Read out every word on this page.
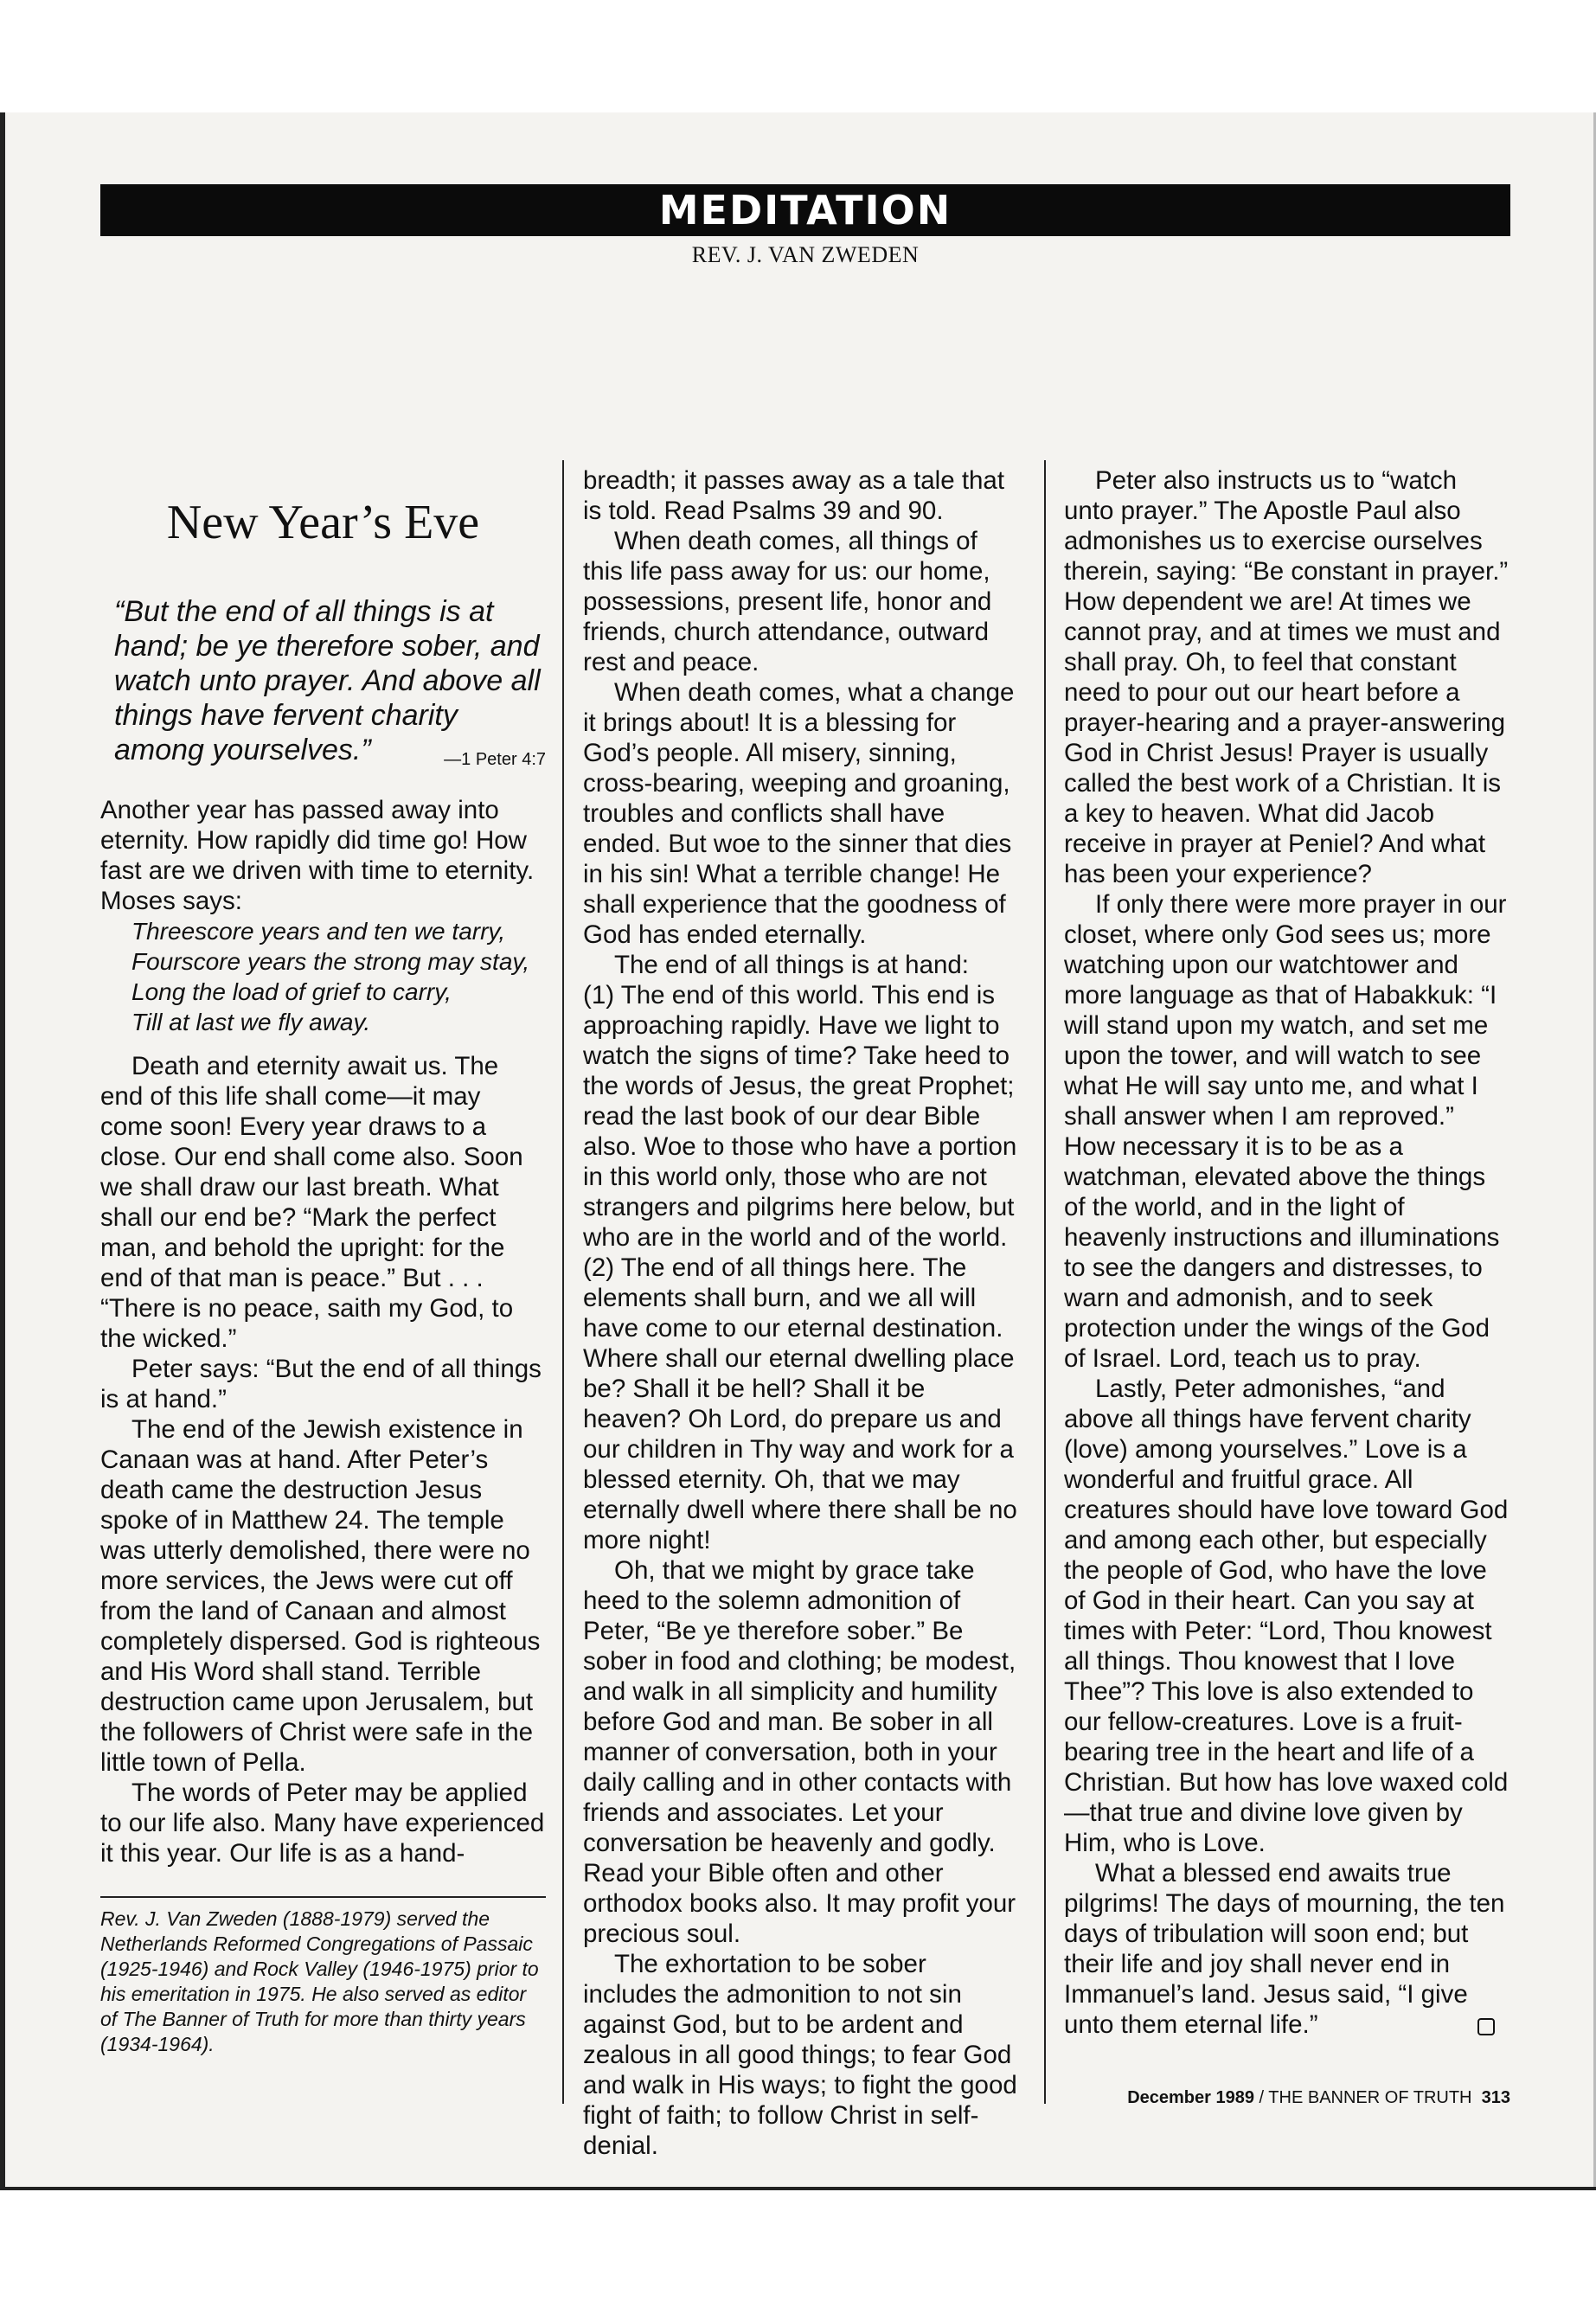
MEDITATION
REV. J. VAN ZWEDEN
New Year’s Eve
“But the end of all things is at hand; be ye therefore sober, and watch unto prayer. And above all things have fervent charity among yourselves.”	—1 Peter 4:7

Another year has passed away into eternity. How rapidly did time go! How fast are we driven with time to eternity. Moses says:

Threescore years and ten we tarry,
Fourscore years the strong may stay,
Long the load of grief to carry,
Till at last we fly away.

Death and eternity await us. The end of this life shall come—it may come soon! Every year draws to a close. Our end shall come also. Soon we shall draw our last breath. What shall our end be? “Mark the perfect man, and behold the upright: for the end of that man is peace.” But . . . “There is no peace, saith my God, to the wicked.”

Peter says: “But the end of all things is at hand.”

The end of the Jewish existence in Canaan was at hand. After Peter’s death came the destruction Jesus spoke of in Matthew 24. The temple was utterly demolished, there were no more services, the Jews were cut off from the land of Canaan and almost completely dispersed. God is righteous and His Word shall stand. Terrible destruction came upon Jerusalem, but the followers of Christ were safe in the little town of Pella.

The words of Peter may be applied to our life also. Many have experienced it this year. Our life is as a hand-

Rev. J. Van Zweden (1888-1979) served the Netherlands Reformed Congregations of Passaic (1925-1946) and Rock Valley (1946-1975) prior to his emeritation in 1975. He also served as editor of The Banner of Truth for more than thirty years (1934-1964).

breadth; it passes away as a tale that is told. Read Psalms 39 and 90.

When death comes, all things of this life pass away for us: our home, possessions, present life, honor and friends, church attendance, outward rest and peace.

When death comes, what a change it brings about! It is a blessing for God’s people. All misery, sinning, cross-bearing, weeping and groaning, troubles and conflicts shall have ended. But woe to the sinner that dies in his sin! What a terrible change! He shall experience that the goodness of God has ended eternally.

The end of all things is at hand:

(1) The end of this world. This end is approaching rapidly. Have we light to watch the signs of time? Take heed to the words of Jesus, the great Prophet; read the last book of our dear Bible also. Woe to those who have a portion in this world only, those who are not strangers and pilgrims here below, but who are in the world and of the world.

(2) The end of all things here. The elements shall burn, and we all will have come to our eternal destination. Where shall our eternal dwelling place be? Shall it be hell? Shall it be heaven? Oh Lord, do prepare us and our children in Thy way and work for a blessed eternity. Oh, that we may eternally dwell where there shall be no more night!

Oh, that we might by grace take heed to the solemn admonition of Peter, “Be ye therefore sober.” Be sober in food and clothing; be modest, and walk in all simplicity and humility before God and man. Be sober in all manner of conversation, both in your daily calling and in other contacts with friends and associates. Let your conversation be heavenly and godly. Read your Bible often and other orthodox books also. It may profit your precious soul.

The exhortation to be sober includes the admonition to not sin against God, but to be ardent and zealous in all good things; to fear God and walk in His ways; to fight the good fight of faith; to follow Christ in self-denial.

Peter also instructs us to “watch unto prayer.” The Apostle Paul also admonishes us to exercise ourselves therein, saying: “Be constant in prayer.” How dependent we are! At times we cannot pray, and at times we must and shall pray. Oh, to feel that constant need to pour out our heart before a prayer-hearing and a prayer-answering God in Christ Jesus! Prayer is usually called the best work of a Christian. It is a key to heaven. What did Jacob receive in prayer at Peniel? And what has been your experience?

If only there were more prayer in our closet, where only God sees us; more watching upon our watchtower and more language as that of Habakkuk: “I will stand upon my watch, and set me upon the tower, and will watch to see what He will say unto me, and what I shall answer when I am reproved.” How necessary it is to be as a watchman, elevated above the things of the world, and in the light of heavenly instructions and illuminations to see the dangers and distresses, to warn and admonish, and to seek protection under the wings of the God of Israel. Lord, teach us to pray.

Lastly, Peter admonishes, “and above all things have fervent charity (love) among yourselves.” Love is a wonderful and fruitful grace. All creatures should have love toward God and among each other, but especially the people of God, who have the love of God in their heart. Can you say at times with Peter: “Lord, Thou knowest all things. Thou knowest that I love Thee”? This love is also extended to our fellow-creatures. Love is a fruit-bearing tree in the heart and life of a Christian. But how has love waxed cold—that true and divine love given by Him, who is Love.

What a blessed end awaits true pilgrims! The days of mourning, the ten days of tribulation will soon end; but their life and joy shall never end in Immanuel’s land. Jesus said, “I give unto them eternal life.”

December 1989 / THE BANNER OF TRUTH 313
